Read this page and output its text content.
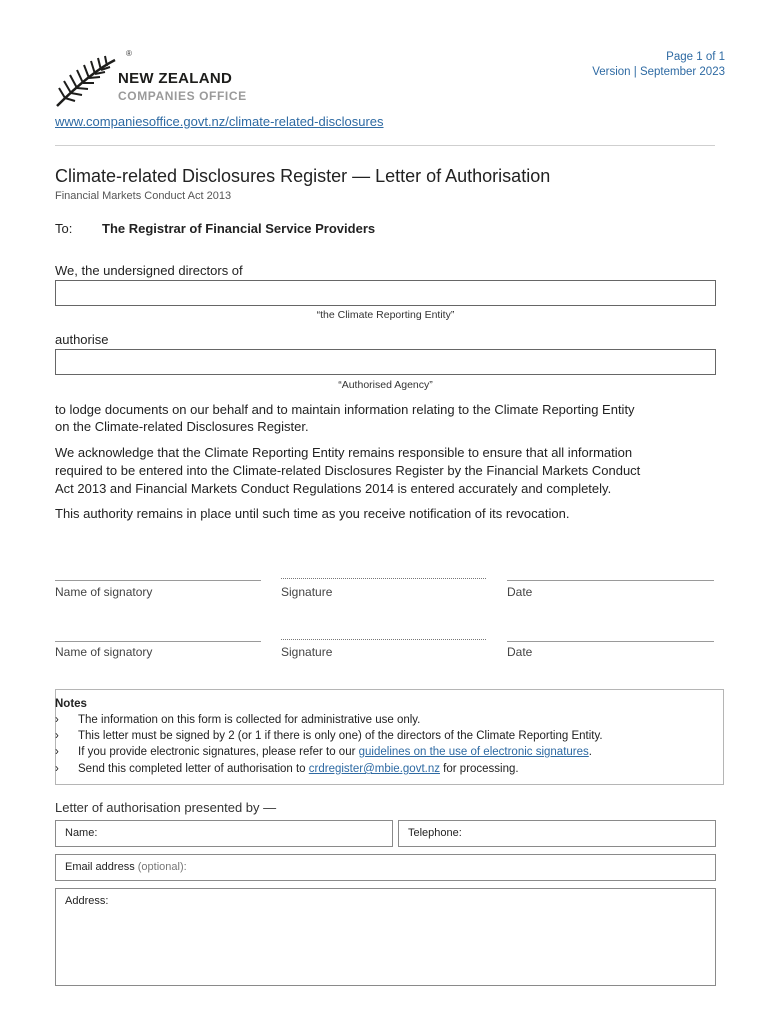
®
NEW ZEALAND
COMPANIES OFFICE
Page 1 of 1
Version | September 2023
www.companiesoffice.govt.nz/climate-related-disclosures
Climate-related Disclosures Register — Letter of Authorisation
Financial Markets Conduct Act 2013
To: The Registrar of Financial Service Providers
We, the undersigned directors of
“the Climate Reporting Entity”
authorise
“Authorised Agency”
to lodge documents on our behalf and to maintain information relating to the Climate Reporting Entity
on the Climate-related Disclosures Register.
We acknowledge that the Climate Reporting Entity remains responsible to ensure that all information
required to be entered into the Climate-related Disclosures Register by the Financial Markets Conduct
Act 2013 and Financial Markets Conduct Regulations 2014 is entered accurately and completely.
This authority remains in place until such time as you receive notification of its revocation.
Name of signatory	Signature	Date
Name of signatory	Signature	Date
Notes
› The information on this form is collected for administrative use only.
› This letter must be signed by 2 (or 1 if there is only one) of the directors of the Climate Reporting Entity.
› If you provide electronic signatures, please refer to our guidelines on the use of electronic signatures.
› Send this completed letter of authorisation to crdregister@mbie.govt.nz for processing.
Letter of authorisation presented by —
Name:	Telephone:
Email address (optional):
Address:
